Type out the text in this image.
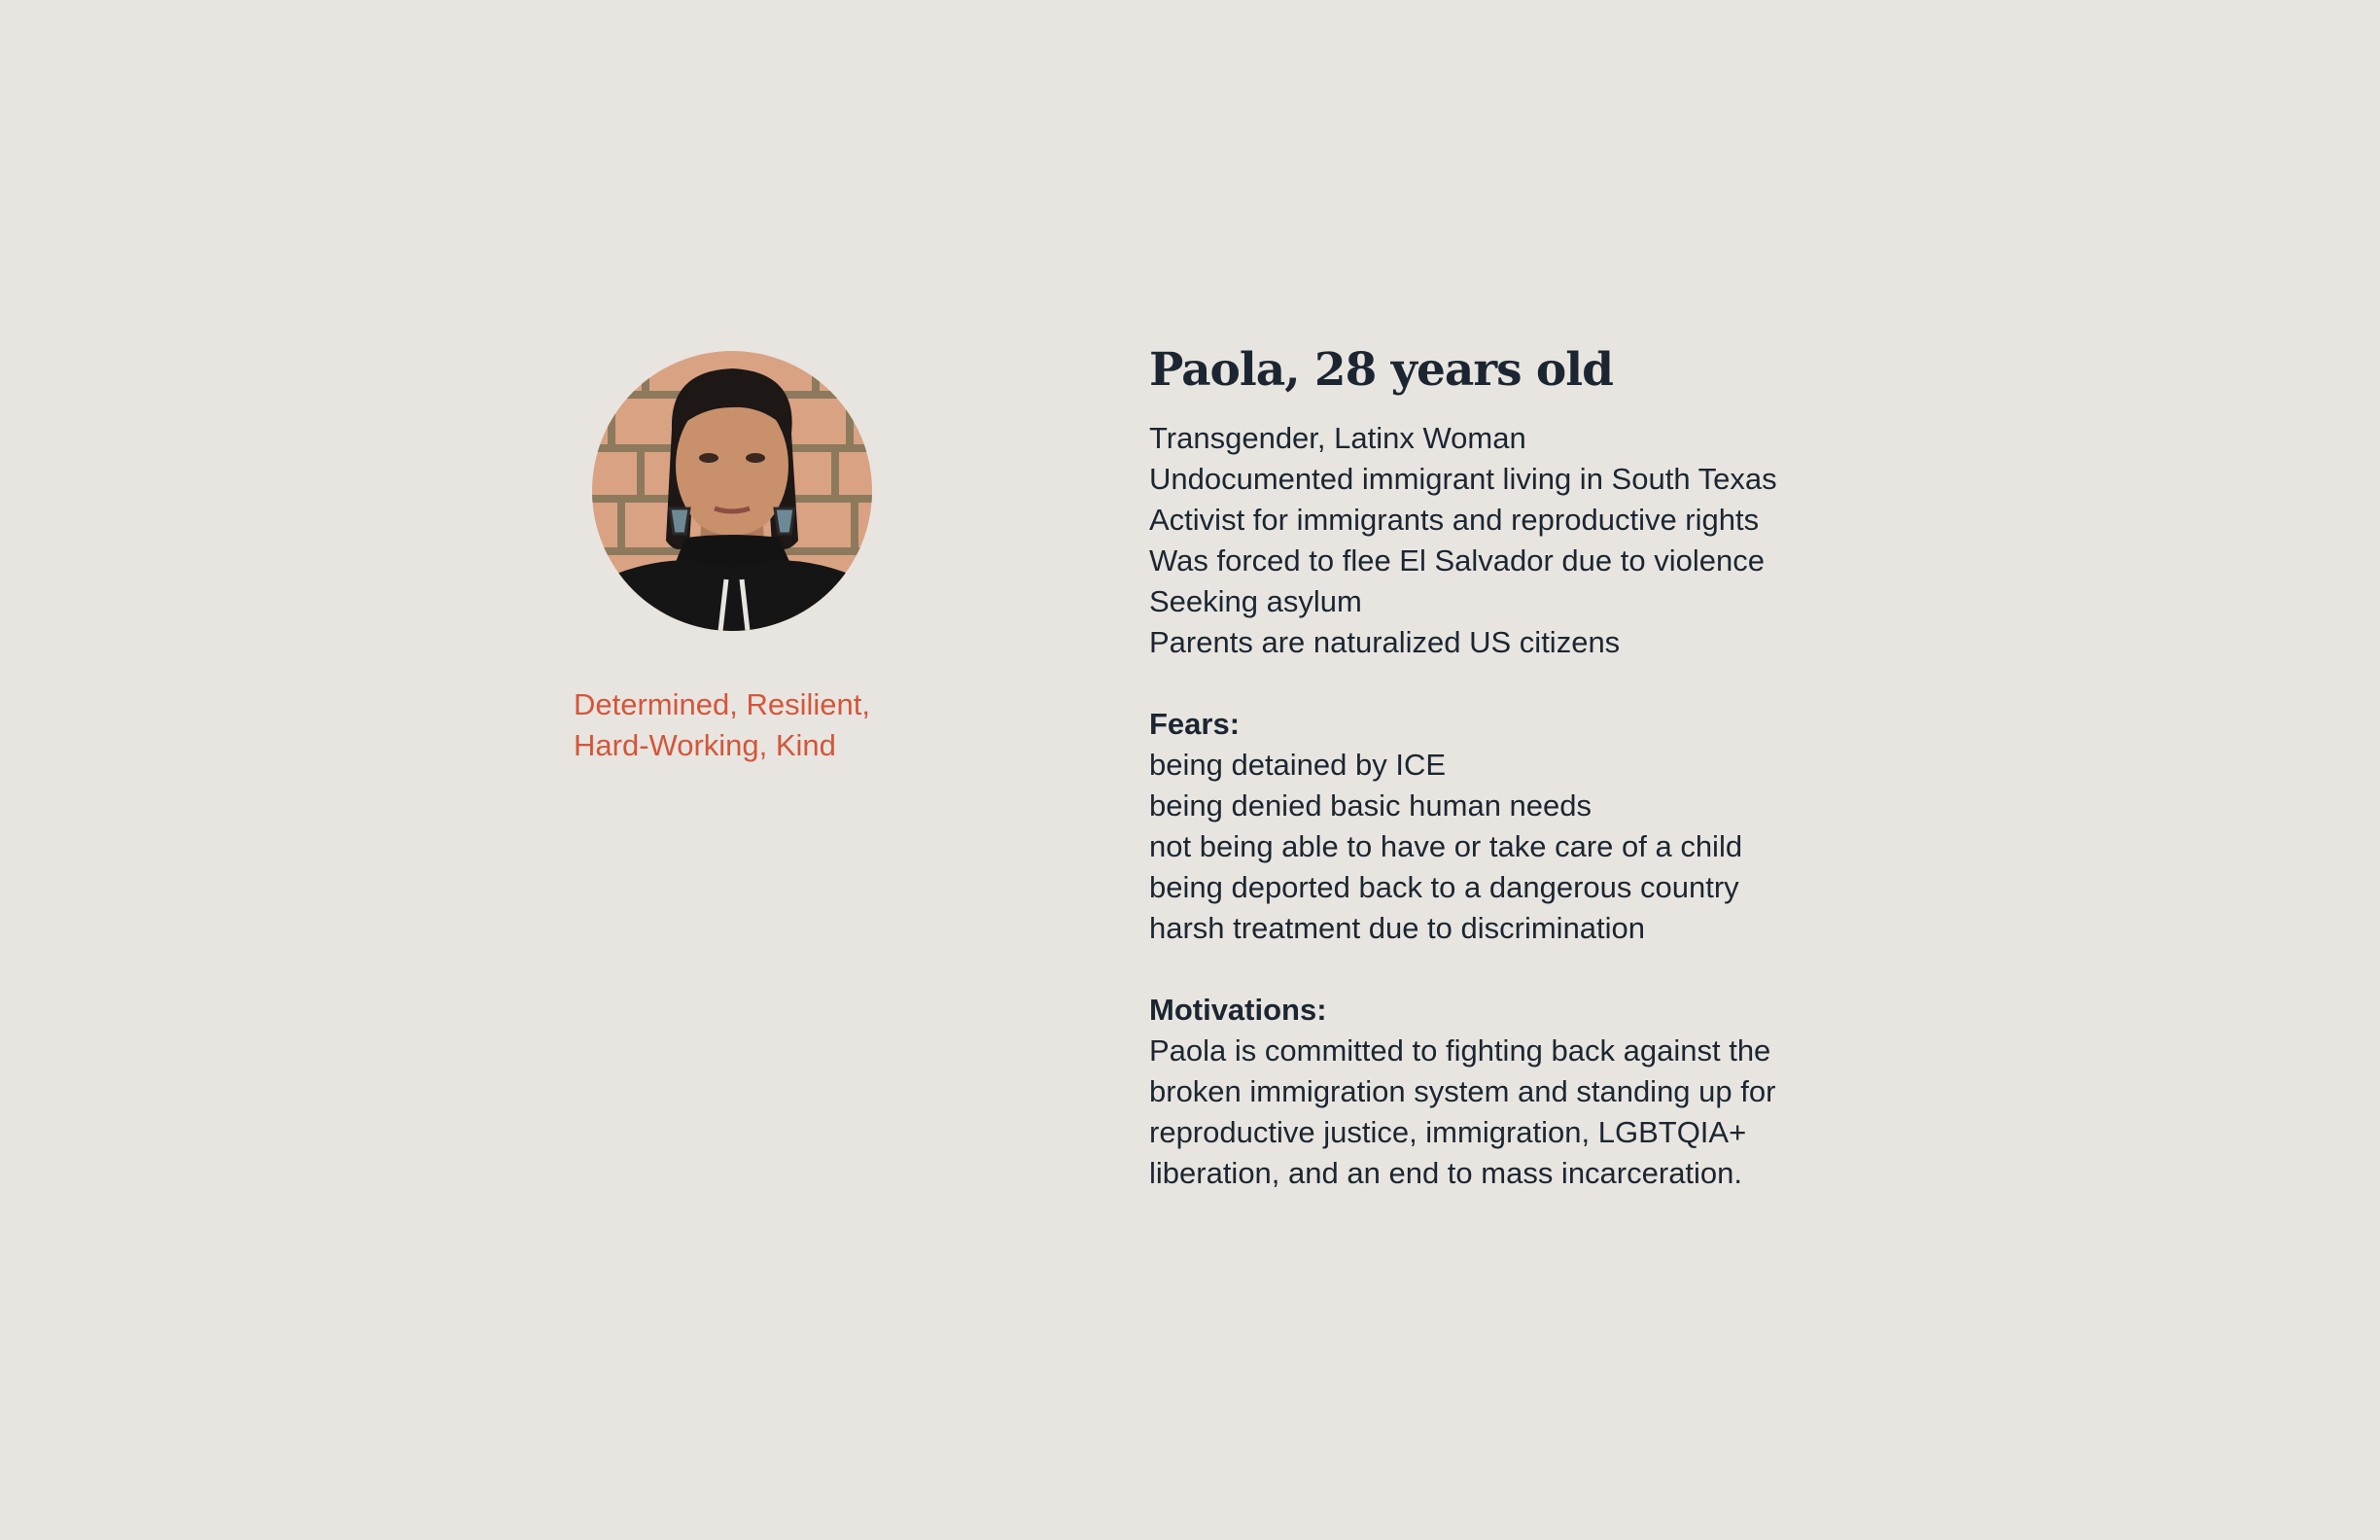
Determined, Resilient,
Hard-Working, Kind
Paola, 28 years old
Transgender, Latinx Woman
Undocumented immigrant living in South Texas
Activist for immigrants and reproductive rights
Was forced to flee El Salvador due to violence
Seeking asylum
Parents are naturalized US citizens
Fears:
being detained by ICE
being denied basic human needs
not being able to have or take care of a child
being deported back to a dangerous country
harsh treatment due to discrimination
Motivations:
Paola is committed to fighting back against the
broken immigration system and standing up for
reproductive justice, immigration, LGBTQIA+
liberation, and an end to mass incarceration.
